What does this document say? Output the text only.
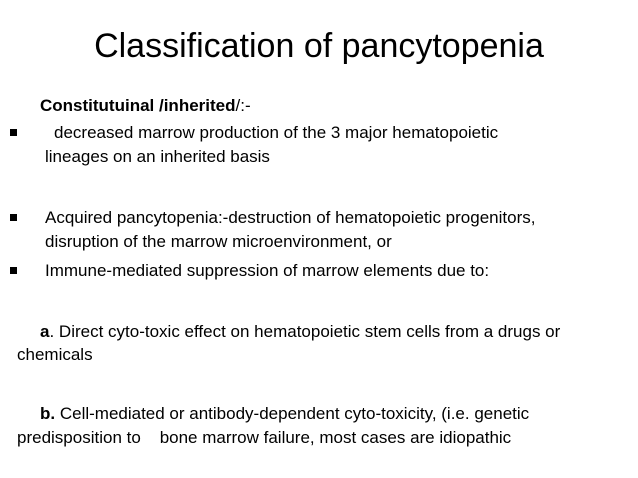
Classification of pancytopenia
Constitutuinal /inherited/:-
decreased marrow production of the 3 major hematopoietic
lineages on an inherited basis
Acquired pancytopenia:-destruction of hematopoietic progenitors,
disruption of the marrow microenvironment, or
Immune-mediated suppression of marrow elements due to:
a. Direct cyto-toxic effect on hematopoietic stem cells from a drugs or
chemicals
b. Cell-mediated or antibody-dependent cyto-toxicity, (i.e. genetic
predisposition to    bone marrow failure, most cases are idiopathic
